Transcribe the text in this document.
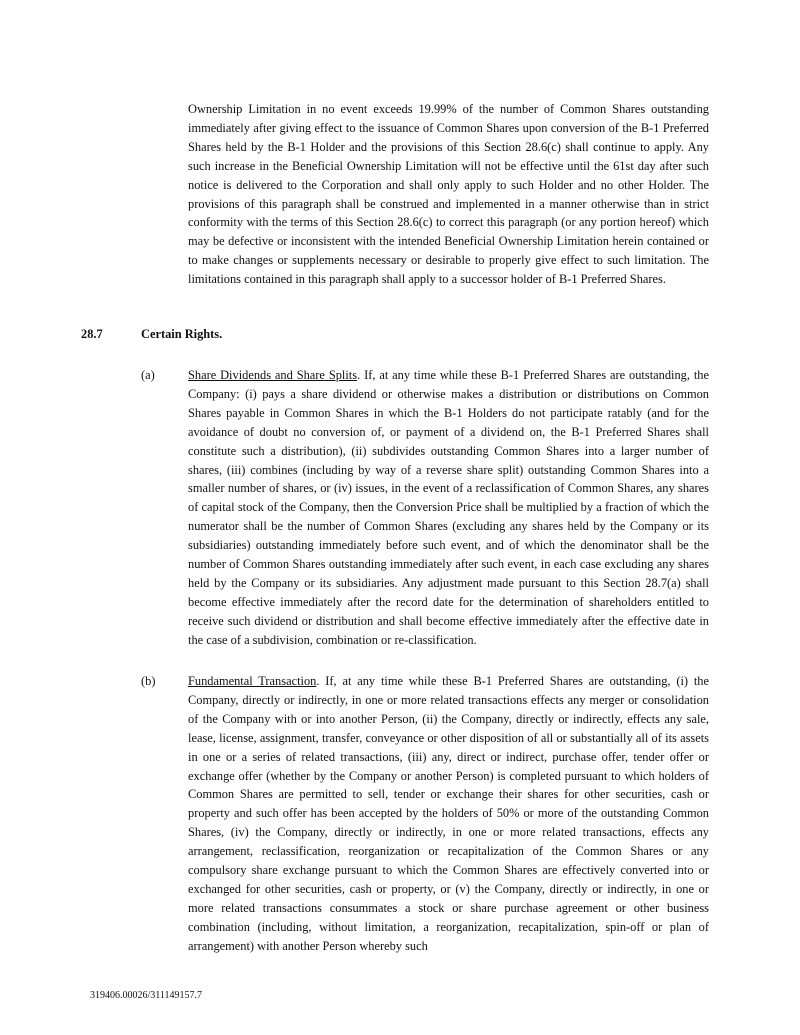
Ownership Limitation in no event exceeds 19.99% of the number of Common Shares outstanding immediately after giving effect to the issuance of Common Shares upon conversion of the B-1 Preferred Shares held by the B-1 Holder and the provisions of this Section 28.6(c) shall continue to apply. Any such increase in the Beneficial Ownership Limitation will not be effective until the 61st day after such notice is delivered to the Corporation and shall only apply to such Holder and no other Holder. The provisions of this paragraph shall be construed and implemented in a manner otherwise than in strict conformity with the terms of this Section 28.6(c) to correct this paragraph (or any portion hereof) which may be defective or inconsistent with the intended Beneficial Ownership Limitation herein contained or to make changes or supplements necessary or desirable to properly give effect to such limitation. The limitations contained in this paragraph shall apply to a successor holder of B-1 Preferred Shares.

28.7	Certain Rights.
(a)	Share Dividends and Share Splits. If, at any time while these B-1 Preferred Shares are outstanding, the Company: (i) pays a share dividend or otherwise makes a distribution or distributions on Common Shares payable in Common Shares in which the B-1 Holders do not participate ratably (and for the avoidance of doubt no conversion of, or payment of a dividend on, the B-1 Preferred Shares shall constitute such a distribution), (ii) subdivides outstanding Common Shares into a larger number of shares, (iii) combines (including by way of a reverse share split) outstanding Common Shares into a smaller number of shares, or (iv) issues, in the event of a reclassification of Common Shares, any shares of capital stock of the Company, then the Conversion Price shall be multiplied by a fraction of which the numerator shall be the number of Common Shares (excluding any shares held by the Company or its subsidiaries) outstanding immediately before such event, and of which the denominator shall be the number of Common Shares outstanding immediately after such event, in each case excluding any shares held by the Company or its subsidiaries. Any adjustment made pursuant to this Section 28.7(a) shall become effective immediately after the record date for the determination of shareholders entitled to receive such dividend or distribution and shall become effective immediately after the effective date in the case of a subdivision, combination or re-classification.

(b)	Fundamental Transaction. If, at any time while these B-1 Preferred Shares are outstanding, (i) the Company, directly or indirectly, in one or more related transactions effects any merger or consolidation of the Company with or into another Person, (ii) the Company, directly or indirectly, effects any sale, lease, license, assignment, transfer, conveyance or other disposition of all or substantially all of its assets in one or a series of related transactions, (iii) any, direct or indirect, purchase offer, tender offer or exchange offer (whether by the Company or another Person) is completed pursuant to which holders of Common Shares are permitted to sell, tender or exchange their shares for other securities, cash or property and such offer has been accepted by the holders of 50% or more of the outstanding Common Shares, (iv) the Company, directly or indirectly, in one or more related transactions, effects any arrangement, reclassification, reorganization or recapitalization of the Common Shares or any compulsory share exchange pursuant to which the Common Shares are effectively converted into or exchanged for other securities, cash or property, or (v) the Company, directly or indirectly, in one or more related transactions consummates a stock or share purchase agreement or other business combination (including, without limitation, a reorganization, recapitalization, spin-off or plan of arrangement) with another Person whereby such

319406.00026/311149157.7
